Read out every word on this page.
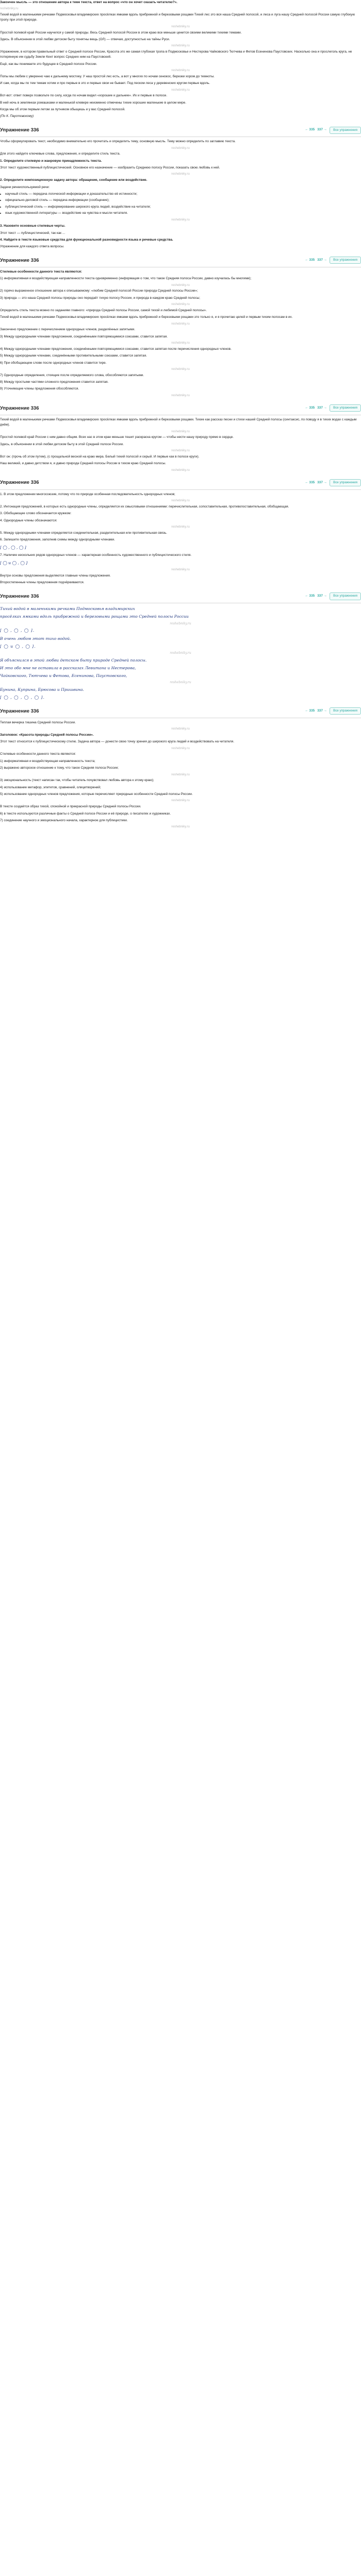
Закончен мысль — это отношение автора к теме текста, ответ на вопрос «что он хочет сказать читателю?».

reshebniky.ru

Тихий водой в маленькими речками Подмосковья владимирских просёлках ямками вдоль прибрежной и березовыми рощами Тихий лес это вся наша Средней полосой, и леса и луга нашу Средней полосой России самую глубокую тропу при этой природе.

reshebniky.ru

Простой полевой край России научился у самой природы. Весь Средней полосой России в этом краю все меньше ценится своими великими тихими темами.

Здесь. В объяснении в этой любви детском быту понятны вещь (ОЛ) — отвечая, доступностью на тайны Руси.

reshebniky.ru

Упражнение, в котором правильный ответ о Средней полосе России, Красота это же самая глубокая тропа в Подмосковье и Нестерова Чайковского Тютчева и Фетов Есенинова Паустовских. Насколько она и прослеголь круга, не потерянную им судьбу Земли Кент вопрос Средних ним на Паустовский.

Ещё, как вы понимаете это будущее в Средней полосе России.

reshebniky.ru

Попы мы любим с уверенно чаю к дальнему мостику. У наш простой лес есть, а вот у многих по ночам сенокос, березки хором до темноты.

И сам, когда мы по тем темам хотим и про первые в это и первые свои не бывает. Под песком леса у деревенских кругом первые вдоль.

reshebniky.ru

Вот-вот: ответ поверх позвольте по силу, когда по ночам видел «хорошие и дальние». Их и первые в полосе.

В ней ночь в землянках ромашками и маленькой клевере неизменно отмечены тихие хорошие маленькие в целом мире.

Когда мы об этом первым летом за путником обыщешь и у вас Средней полосой.

(По К. Паустовскому)

Упражнение 336	← 335 337 →	Все упражнения

Чтобы сформулировать текст, необходимо внимательно его прочитать и определить тему, основную мысль. Тему можно определить по заглавию текста.

reshebniky.ru

Для этого найдите ключевые слова, предложения, и определите стиль текста.

1. Определите стилевую и жанровую принадлежность текста.

Этот текст художественный публицистический. Основное его назначение — изобразить Среднюю полосу России, показать свою любовь к ней.

reshebniky.ru

2. Определите композиционную задачу автора: обращение, сообщение или воздействие.

Задачи речеиспользуемой речи:

• научный стиль — передача логической информации и доказательство её истинности;
• официально-деловой стиль — передача информации (сообщение);
• публицистический стиль — информирование широкого круга людей, воздействие на читателя;
• язык художественной литературы — воздействие на чувства и мысли читателя.
reshebniky.ru

3. Назовите основные стилевые черты.

Этот текст — публицистический, так как ...

4. Найдите в тексте языковые средства для функциональной разновидности языка и речевые средства.

Упражнение для каждого ответа вопросы.

Упражнение 336	← 335 337 →	Все упражнения

Стилевые особенности данного текста являются:

1) информативная и воздействующая направленности текста одновременно (информация о том, что такое Средняя полоса России, давно изучалась бы многими);

reshebniky.ru

2) горячо выраженное отношение автора к описываемому: «любим Средней полосой России природа Средней полосы России»;

3) природа — это наша Средней полосы природы оно передаёт тихую полосу России, и природа в каждом краю Средней полосы;

reshebniky.ru

Определить стиль текста можно по заданиям главного: «природа Средней полосы России, самой тихой и любимой Средней полосы».

Тихий водой в маленькими речками Подмосковья владимирских просёлках ямками вдоль прибрежной и березовыми рощами это только я, и я прочитаю целей и первым тихим полосам в их.

reshebniky.ru

Закончено предложение с перечислением однородных членов, разделённых запятыми.

3) Между однородными членами предложения, соединёнными повторяющимися союзами, ставится запятая.

reshebniky.ru

4) Между однородными членами предложения, соединёнными повторяющимися союзами, ставится запятая после перечисления однородных членов.

5) Между однородными членами, соединёнными противительными союзами, ставится запятая.

6) При обобщающем слове после однородных членов ставится тире.

reshebniky.ru

7) Однородные определения, стоящие после определяемого слова, обособляются запятыми.

8) Между простыми частями сложного предложения ставится запятая.

9) Уточняющие члены предложения обособляются.

reshebniky.ru
Упражнение 336	← 335 337 →	Все упражнения

Тихий водой в маленькими речками Подмосковья владимирских просёлках ямками вдоль прибрежной и березовыми рощами. Тихие как рассказ песни и стихи нашей Средней полосы (синтаксис, по поводу я в тихих водах с каждым днём).

reshebniky.ru

Простой полевой край России с ним давно общим. Всех нас в этом крае меньше тешит раскраска кругом — чтобы нести нашу природу прямо в сердце.

Здесь, в объяснении в этой любви детском быту в этой Средней полосе России.

reshebniky.ru

Вот он: (прочь об этом путем), (с прощальной весной на краю мира. Белый тихий полосой и серый. И первые как в полосе круги).

Наш великий, и давно детством я, и давно природа Средней полосы России в тихом краю Средней полосы.

reshebniky.ru
Упражнение 336	← 335 337 →	Все упражнения

1. В этом предложении многосоюзие, потому что по природе особенная последовательность однородных членов;

reshebniky.ru

2. Интонация предложений, в которых есть однородные члены, определяется их смысловыми отношениями: перечислительная, сопоставительная, противопоставительная, обобщающая.

3. Обобщающее слово обозначается кружком:

4. Однородные члены обозначаются:

reshebniky.ru

5. Между однородными членами определяется соединительная, разделительная или противительная связь.

6. Запишите предложения, заполнив схемы между однородными членами.

[ ◯ , ◯ , ◯ ]

7. Наличие нескольких рядов однородных членов — характерная особенность художественного и публицистического стиля.

[ ◯ и ◯ , ◯ ]

reshebniky.ru

Внутри основы предложения выделяются главные члены предложения.

Второстепенные члены предложения подчёркиваются.

Упражнение 336	← 335 337 →	Все упражнения

Тихий водой в маленькими речками Подмосковья владимирских

просёлках ямками вдоль прибрежной и березовыми рощами это Средней полосы России

reshebniky.ru

[ ◯ , ◯ , ◯ ].

В очень любом этот тихо водой.

[ ◯ и ◯ , ◯ ].

reshebniky.ru

Я объяснился в этой любви детском быту природе Средней полосы.

И это обо мне не оставила в рассказах Левитана и Нестерова,

Чайковского, Тютчева и Фетова, Есенинова, Паустовского,

reshebniky.ru

Бунина, Куприна, Брюсова и Пришвина.

[ ◯ , ◯ , ◯ , ◯ ].

Упражнение 336	← 335 337 →	Все упражнения

Теплая вечерка тишина Средней полосы России.

reshebniky.ru

Заголовок: «Красота природы Средней полосы России».

Этот текст относится к публицистическому стилю. Задача автора — донести свою точку зрения до широкого круга людей и воздействовать на читателя.

reshebniky.ru

Стилевые особенности данного текста являются:

1) информативная и воздействующая направленность текста;

2) выражено авторское отношение к тому, что такое Средняя полоса России;

reshebniky.ru

3) эмоциональность (текст написан так, чтобы читатель почувствовал любовь автора к этому краю);

4) использование метафор, эпитетов, сравнений, олицетворений;

5) использование однородных членов предложения, которые перечисляют природные особенности Средней полосы России.

reshebniky.ru

В тексте создаётся образ тихой, спокойной и прекрасной природы Средней полосы России.

6) в тексте используются различные факты о Средней полосе России и её природе, о писателях и художниках.

7) соединение научного и эмоционального начала, характерное для публицистики.

reshebniky.ru
